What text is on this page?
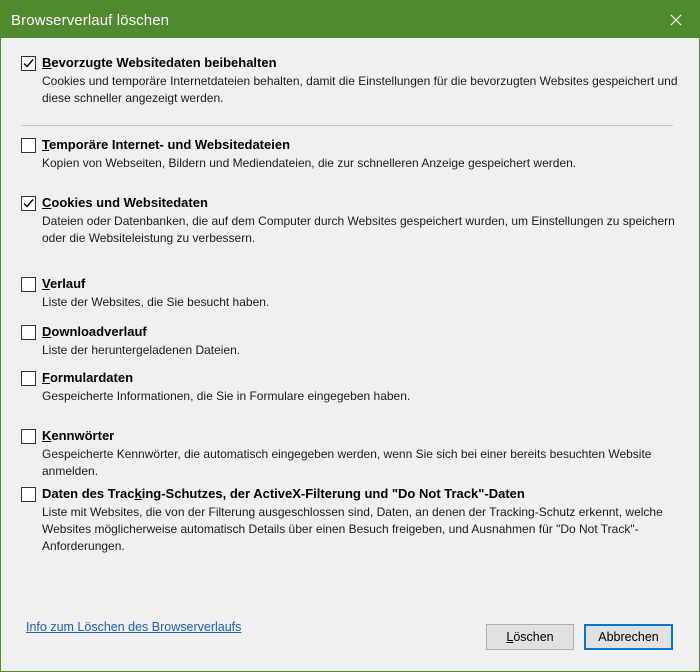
Browserverlauf löschen
Bevorzugte Websitedaten beibehalten
Cookies und temporäre Internetdateien behalten, damit die Einstellungen für die bevorzugten Websites gespeichert und diese schneller angezeigt werden.
Temporäre Internet- und Websitedateien
Kopien von Webseiten, Bildern und Mediendateien, die zur schnelleren Anzeige gespeichert werden.
Cookies und Websitedaten
Dateien oder Datenbanken, die auf dem Computer durch Websites gespeichert wurden, um Einstellungen zu speichern oder die Websiteleistung zu verbessern.
Verlauf
Liste der Websites, die Sie besucht haben.
Downloadverlauf
Liste der heruntergeladenen Dateien.
Formulardaten
Gespeicherte Informationen, die Sie in Formulare eingegeben haben.
Kennwörter
Gespeicherte Kennwörter, die automatisch eingegeben werden, wenn Sie sich bei einer bereits besuchten Website anmelden.
Daten des Tracking-Schutzes, der ActiveX-Filterung und "Do Not Track"-Daten
Liste mit Websites, die von der Filterung ausgeschlossen sind, Daten, an denen der Tracking-Schutz erkennt, welche Websites möglicherweise automatisch Details über einen Besuch freigeben, und Ausnahmen für "Do Not Track"-Anforderungen.
Info zum Löschen des Browserverlaufs
L öschen	Abbrechen
